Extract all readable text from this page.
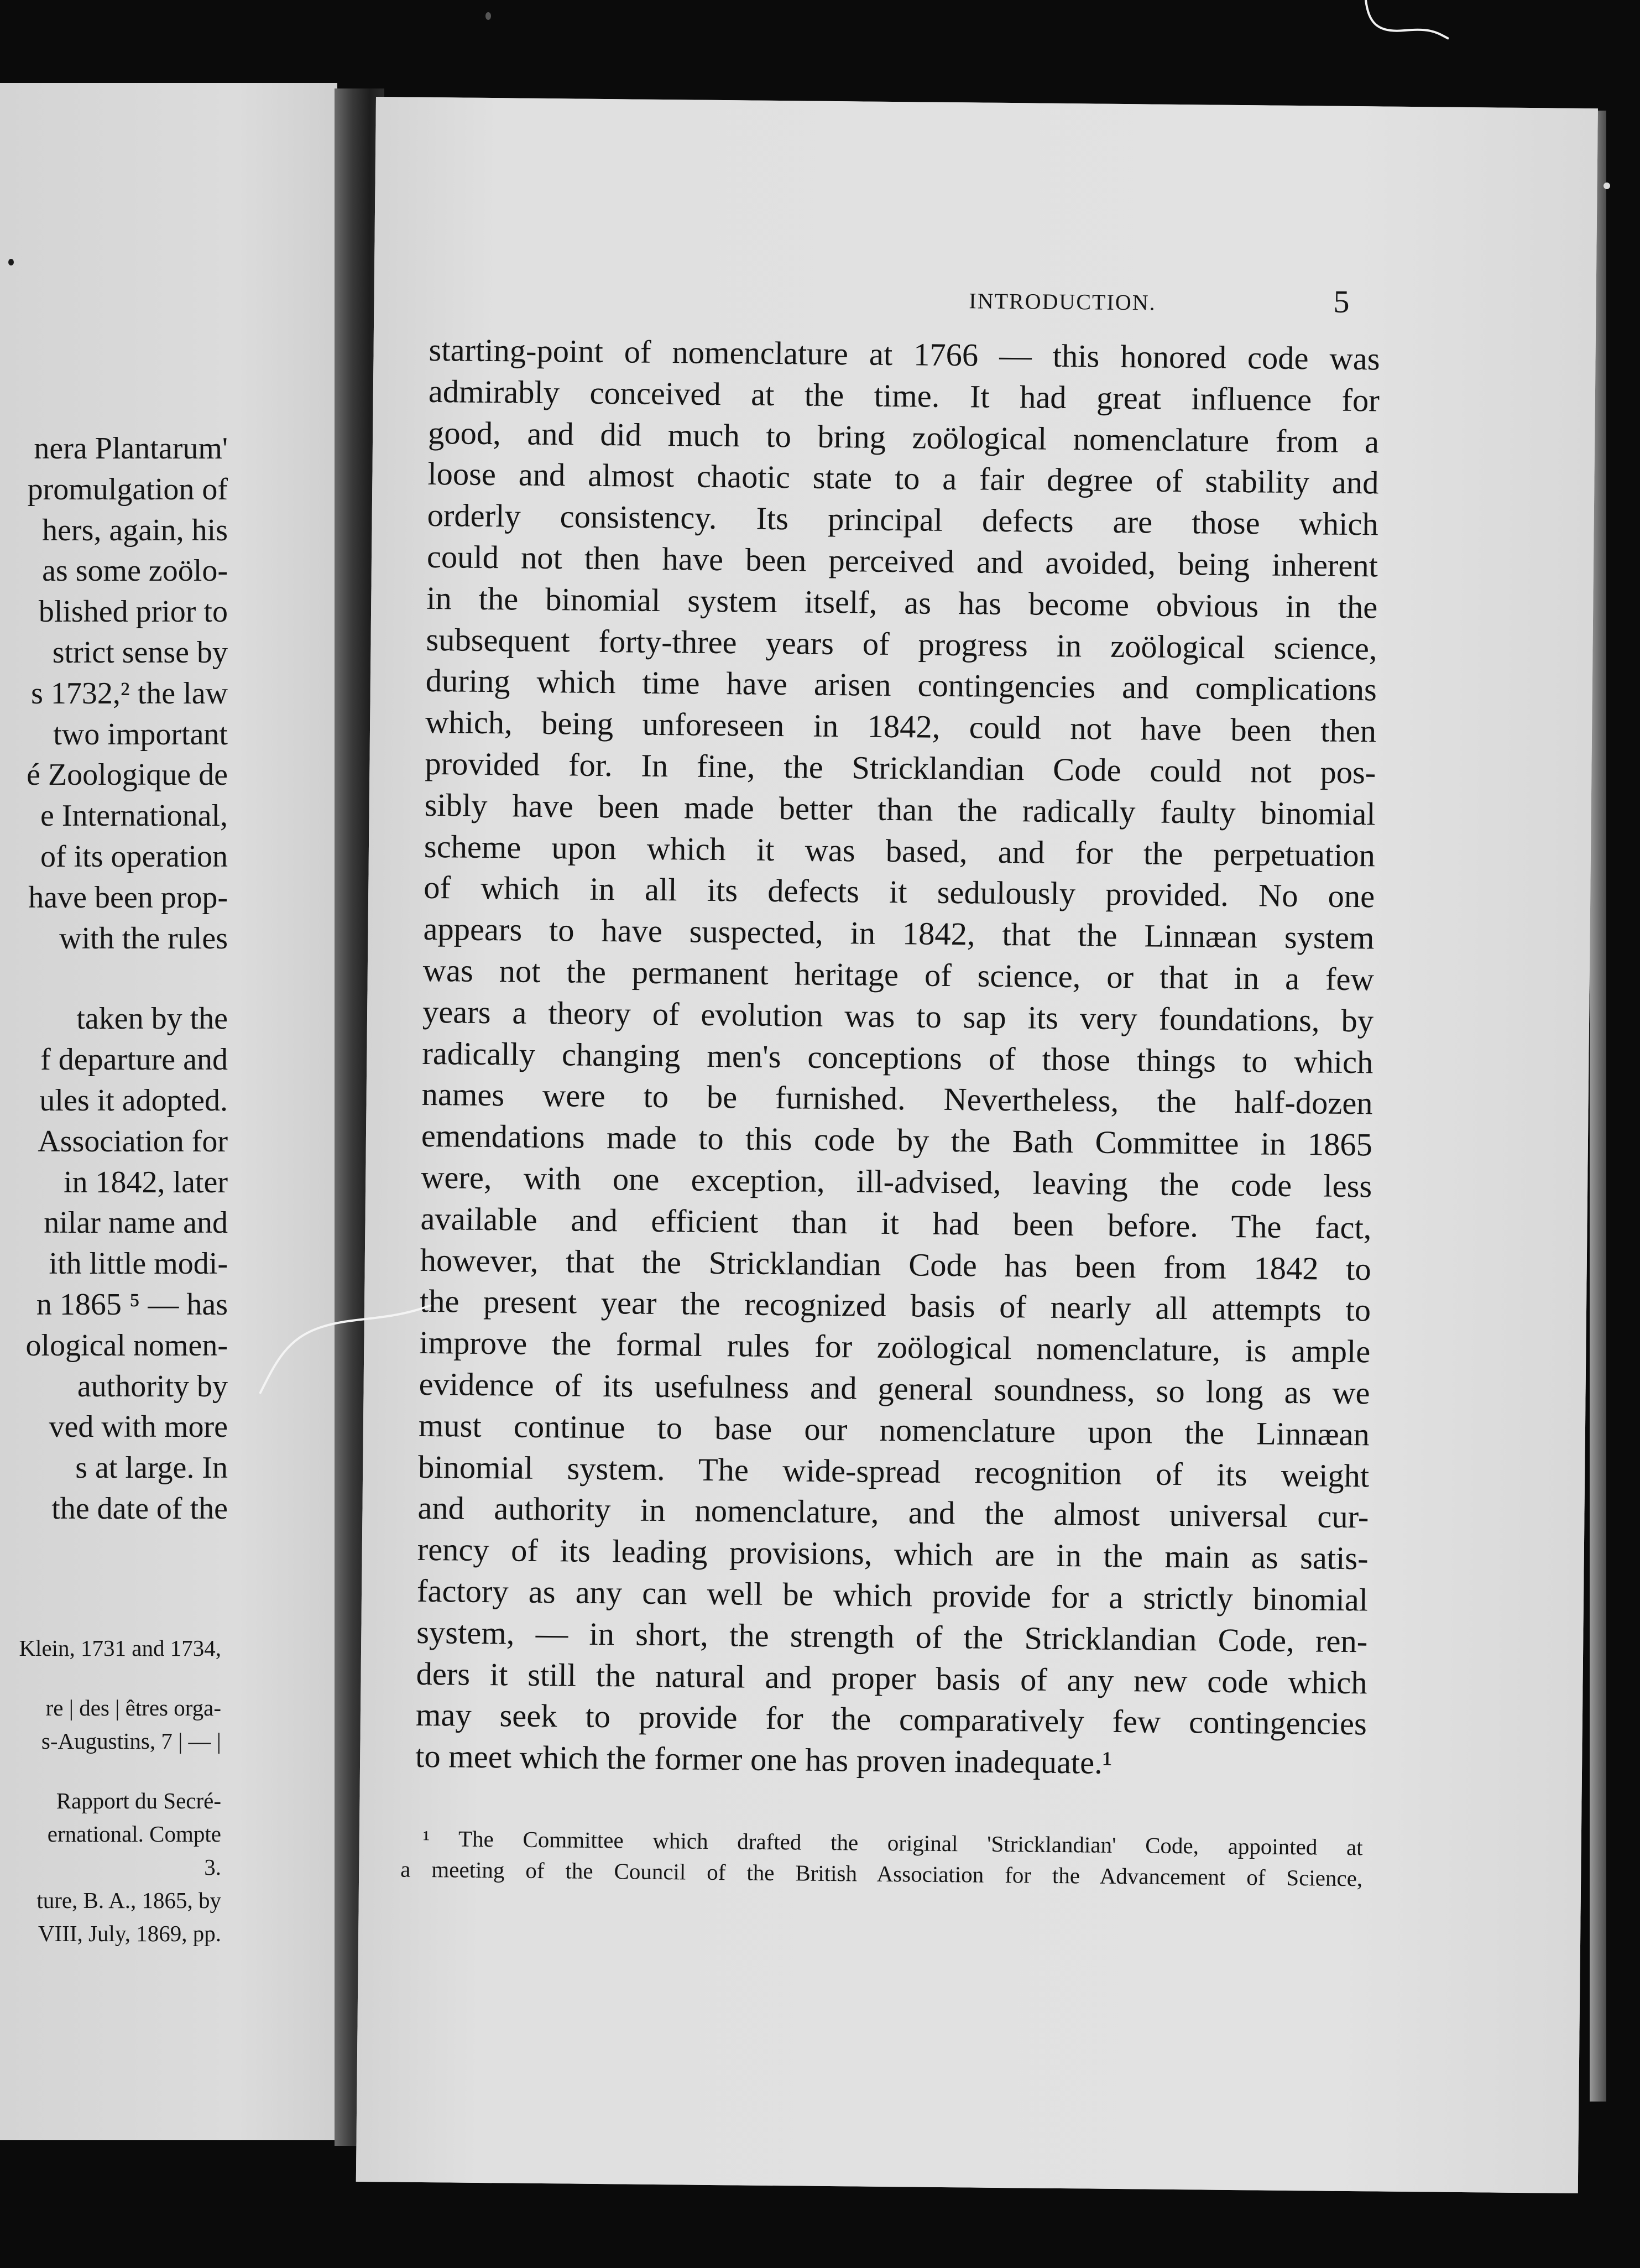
nera Plantarum'
promulgation of
hers, again, his
as some zoölo-
blished prior to
strict sense by
s 1732,² the law
two important
é Zoologique de
e International,
of its operation
have been prop-
with the rules
taken by the
f departure and
ules it adopted.
Association for
in 1842, later
nilar name and
ith little modi-
n 1865 ⁵ — has
ological nomen-
authority by
ved with more
s at large. In
the date of the
Klein, 1731 and 1734,
re | des | êtres orga-
s-Augustins, 7 | — |
Rapport du Secré-
ernational. Compte
3.
ture, B. A., 1865, by
VIII, July, 1869, pp.
INTRODUCTION.	5
starting-point of nomenclature at 1766 — this honored code was
admirably conceived at the time. It had great influence for
good, and did much to bring zoölogical nomenclature from a
loose and almost chaotic state to a fair degree of stability and
orderly consistency. Its principal defects are those which
could not then have been perceived and avoided, being inherent
in the binomial system itself, as has become obvious in the
subsequent forty-three years of progress in zoölogical science,
during which time have arisen contingencies and complications
which, being unforeseen in 1842, could not have been then
provided for. In fine, the Stricklandian Code could not pos-
sibly have been made better than the radically faulty binomial
scheme upon which it was based, and for the perpetuation
of which in all its defects it sedulously provided. No one
appears to have suspected, in 1842, that the Linnæan system
was not the permanent heritage of science, or that in a few
years a theory of evolution was to sap its very foundations, by
radically changing men's conceptions of those things to which
names were to be furnished. Nevertheless, the half-dozen
emendations made to this code by the Bath Committee in 1865
were, with one exception, ill-advised, leaving the code less
available and efficient than it had been before. The fact,
however, that the Stricklandian Code has been from 1842 to
the present year the recognized basis of nearly all attempts to
improve the formal rules for zoölogical nomenclature, is ample
evidence of its usefulness and general soundness, so long as we
must continue to base our nomenclature upon the Linnæan
binomial system. The wide-spread recognition of its weight
and authority in nomenclature, and the almost universal cur-
rency of its leading provisions, which are in the main as satis-
factory as any can well be which provide for a strictly binomial
system, — in short, the strength of the Stricklandian Code, ren-
ders it still the natural and proper basis of any new code which
may seek to provide for the comparatively few contingencies
to meet which the former one has proven inadequate.¹
¹ The Committee which drafted the original 'Stricklandian' Code, appointed at
a meeting of the Council of the British Association for the Advancement of Science,
